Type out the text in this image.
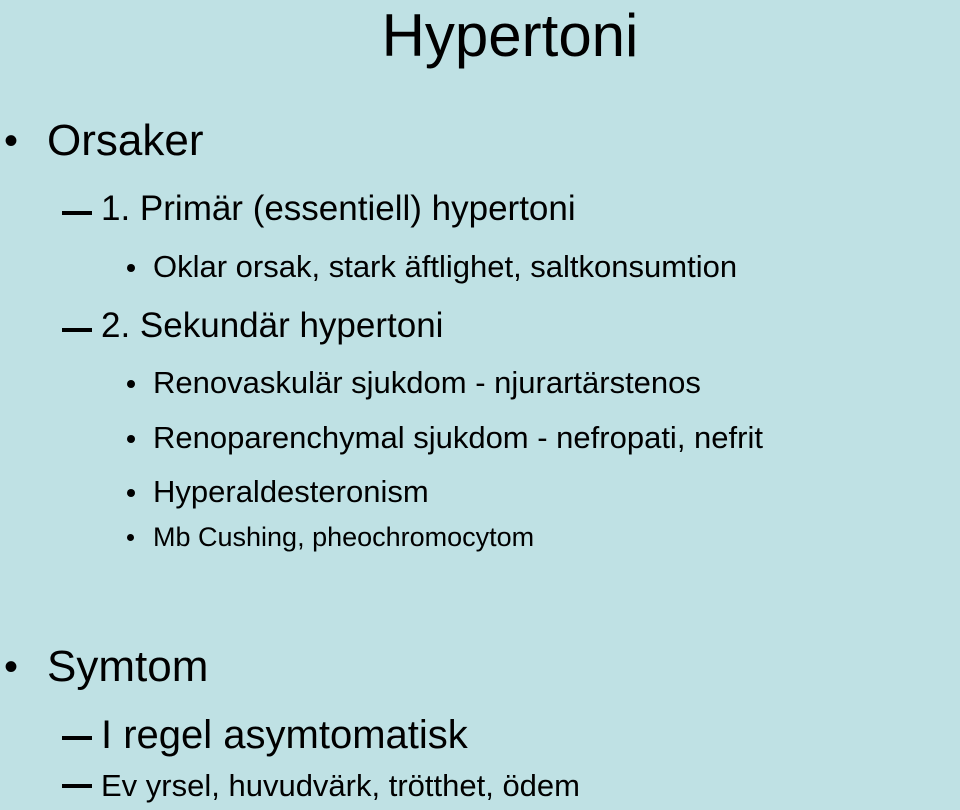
Hypertoni
• Orsaker
1. Primär (essentiell) hypertoni
Oklar orsak, stark äftlighet, saltkonsumtion
2. Sekundär hypertoni
Renovaskulär sjukdom - njurartärstenos
Renoparenchymal sjukdom - nefropati, nefrit
Hyperaldesteronism
Mb Cushing, pheochromocytom
• Symtom
I regel asymtomatisk
Ev yrsel, huvudvärk, trötthet, ödem
